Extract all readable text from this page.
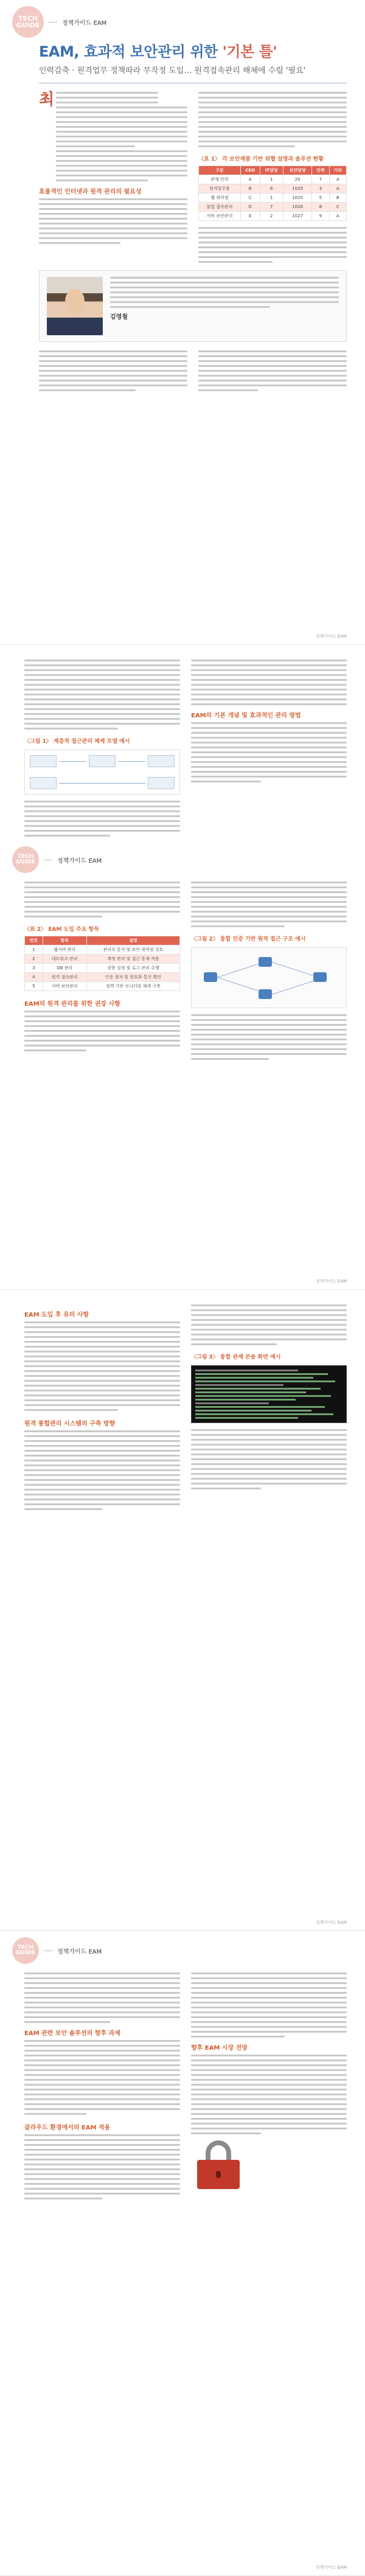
TECH
GUIDE	정책가이드 EAM
EAM, 효과적 보안관리 위한 '기본 틀'

인력감축 · 원격업무 정책따라 무작정 도입… 원격접속관리 해체에 수립 '필요'

최
효율적인 인터넷과 원격 관리의 필요성
〈표 1〉 각 보안제품 기반 위협 설명과 솔루션 현황
구분	CEO	IT담당	보안담당	인력	기타
관제 인력	A	1	20	7	A
원격업무용	B	6	1025	3	A
웹 취약점	C	1	1025	5	B
불법 접속관리	D	7	1026	8	C
서버 보안관리	E	2	1027	9	A
김영철
정책가이드 EAM
〈그림 1〉 계층적 접근관리 체계 모델 예시
EAM의 기본 개념 및 효과적인 관리 방법
TECH
GUIDE	정책가이드 EAM
〈표 2〉 EAM 도입 주요 항목
번호	항목	설명
1	웹서버 관리	관리자 분석 및 보안 취약점 검토
2	네트워크 관리	계정 관리 및 접근 통제 적용
3	DB 관리	권한 설정 및 로그 관리 수행
4	원격 접속관리	인증 절차 및 암호화 통신 확인
5	서버 보안관리	정책 기반 모니터링 체계 구축
EAM의 원격 관리를 위한 권장 사항
〈그림 2〉 통합 인증 기반 원격 접근 구조 예시
정책가이드 EAM
EAM 도입 후 유의 사항
원격 통합관리 시스템의 구축 방향
〈그림 3〉 통합 관제 콘솔 화면 예시
정책가이드 EAM
TECH
GUIDE	정책가이드 EAM
EAM 관련 보안 솔루션의 향후 과제
클라우드 환경에서의 EAM 적용
향후 EAM 시장 전망
정책가이드 EAM
